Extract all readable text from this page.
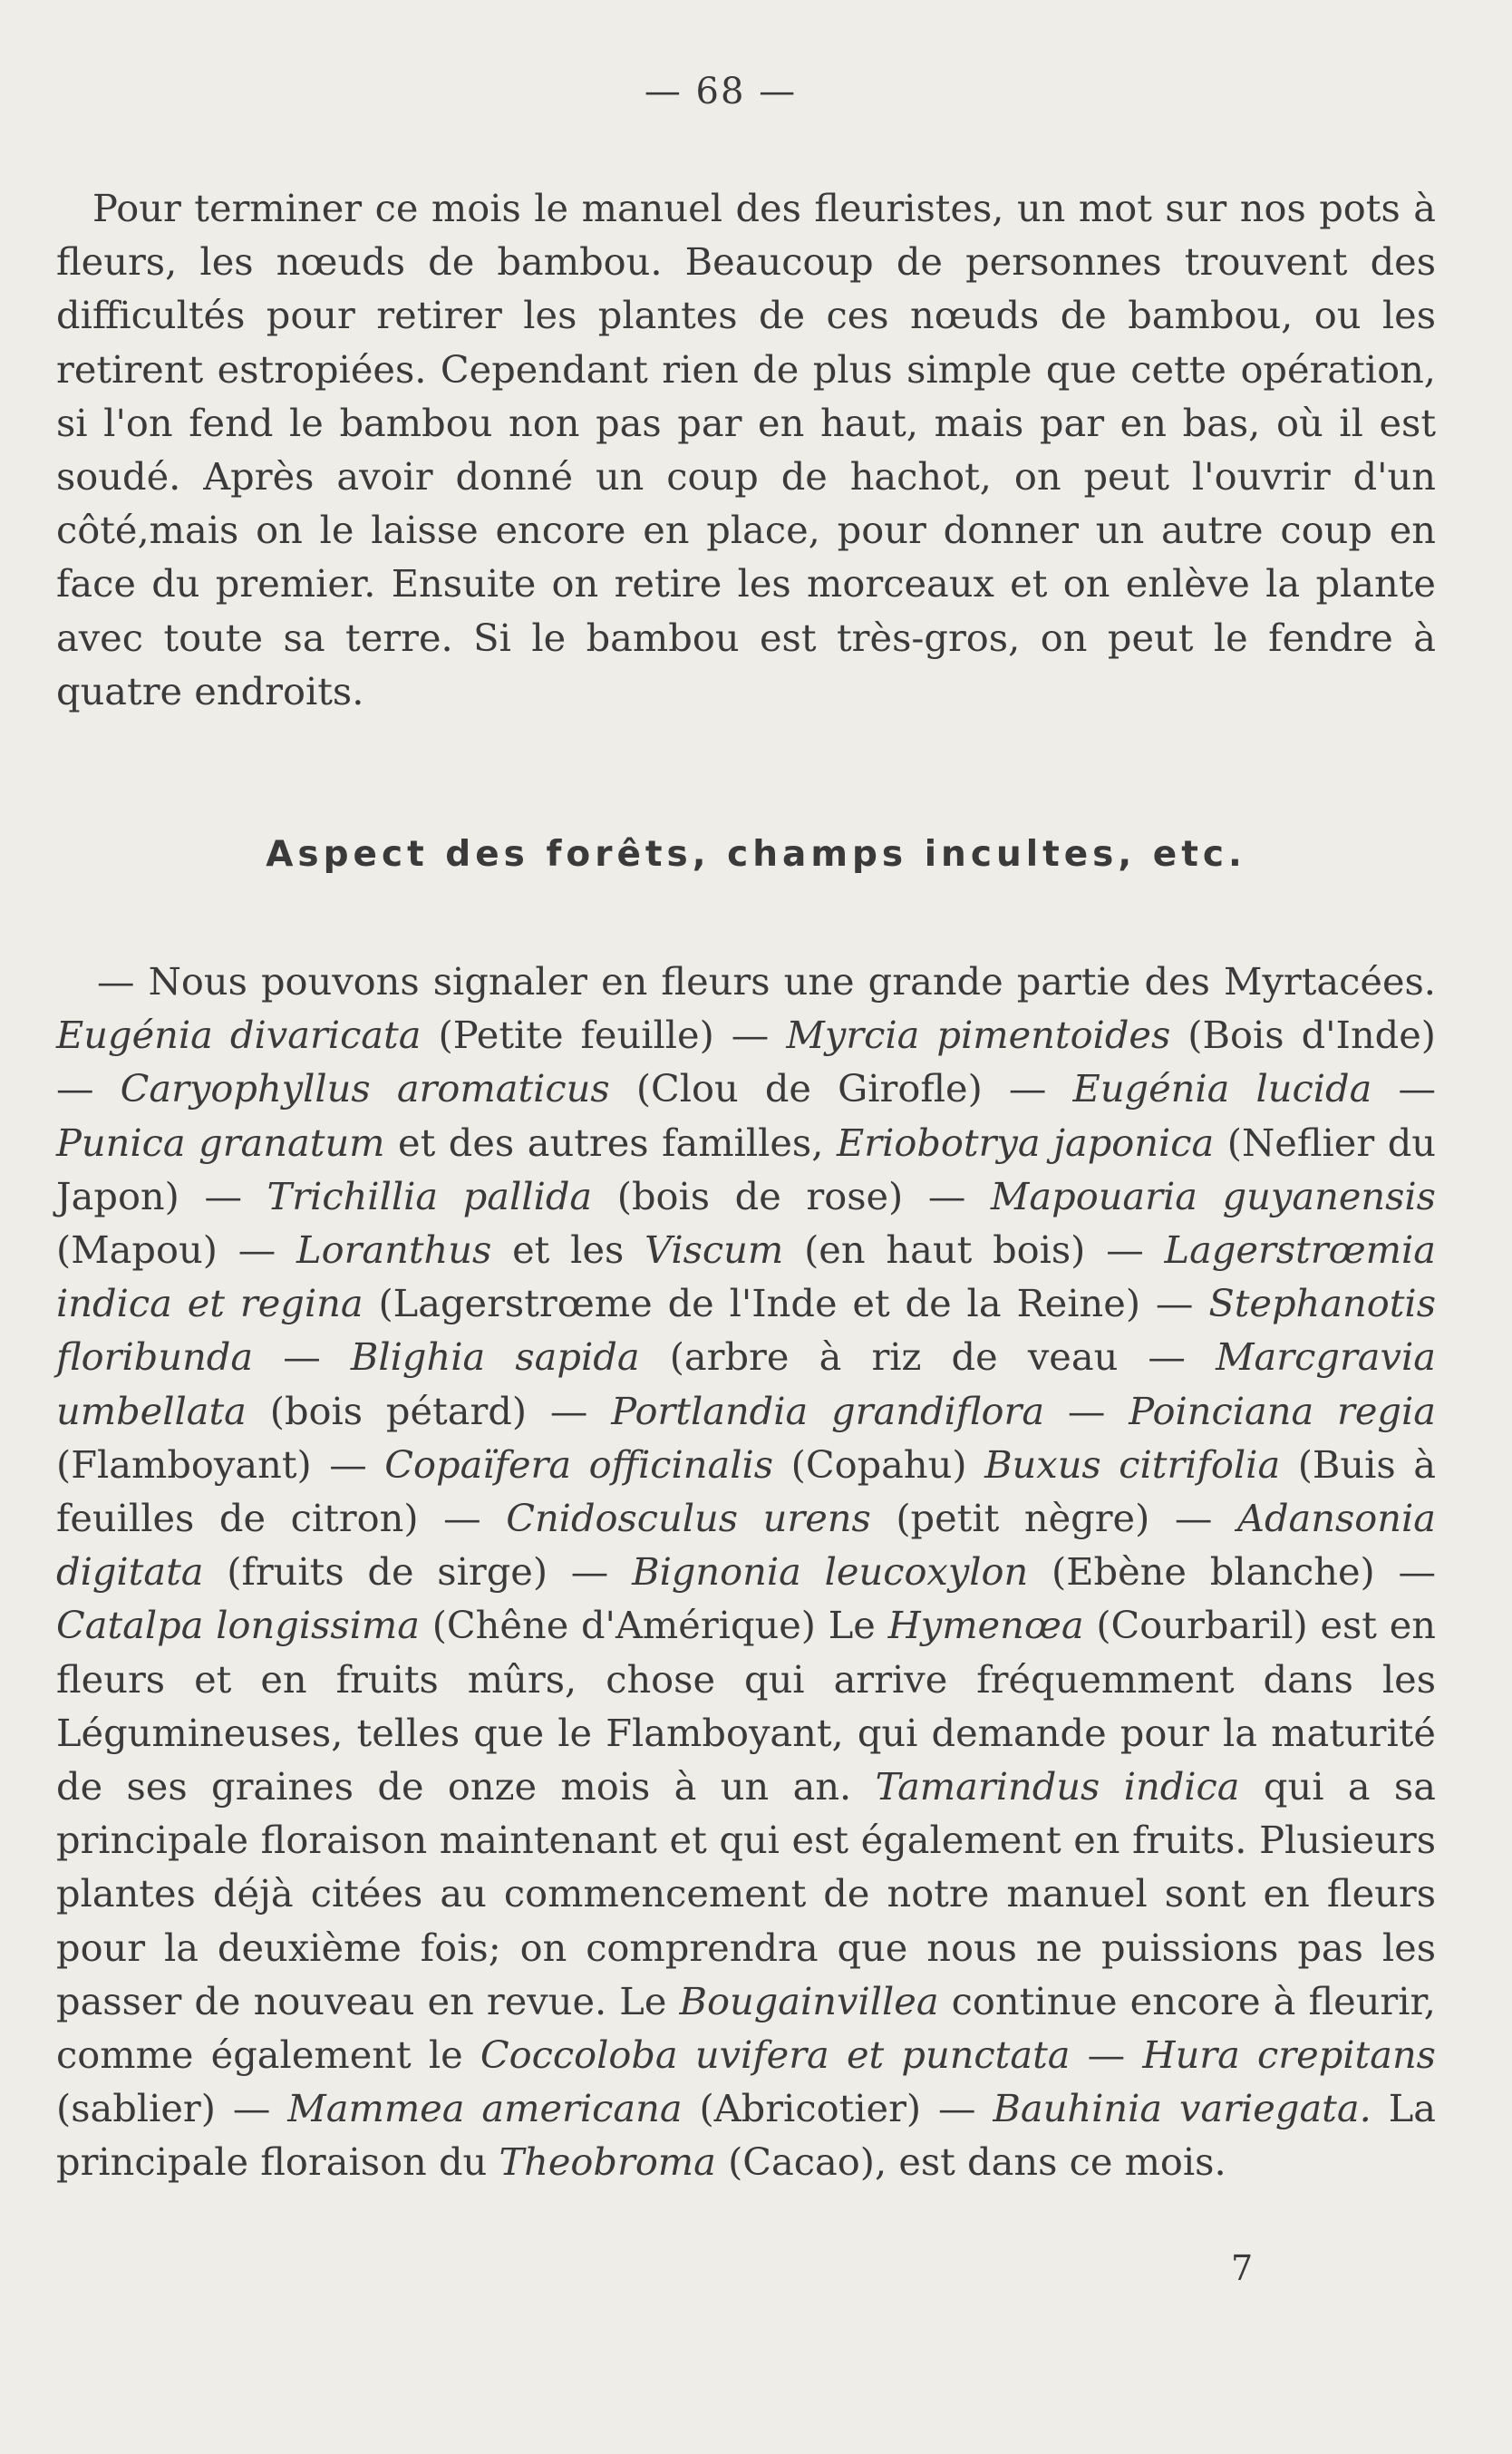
— 68 —

Pour terminer ce mois le manuel des fleuristes, un mot sur nos pots à fleurs, les nœuds de bambou. Beaucoup de personnes trouvent des difficultés pour retirer les plantes de ces nœuds de bambou, ou les retirent estropiées. Cependant rien de plus simple que cette opération, si l'on fend le bambou non pas par en haut, mais par en bas, où il est soudé. Après avoir donné un coup de hachot, on peut l'ouvrir d'un côté,mais on le laisse encore en place, pour donner un autre coup en face du premier. Ensuite on retire les morceaux et on enlève la plante avec toute sa terre. Si le bambou est très-gros, on peut le fendre à quatre endroits.

Aspect des forêts, champs incultes, etc.

— Nous pouvons signaler en fleurs une grande partie des Myrtacées. Eugénia divaricata (Petite feuille) — Myrcia pimentoides (Bois d'Inde) — Caryophyllus aromaticus (Clou de Girofle) — Eugénia lucida — Punica granatum et des autres familles, Eriobotrya japonica (Neflier du Japon) — Trichillia pallida (bois de rose) — Mapouaria guyanensis (Mapou) — Loranthus et les Viscum (en haut bois) — Lagerstrœmia indica et regina (Lagerstrœme de l'Inde et de la Reine) — Stephanotis floribunda — Blighia sapida (arbre à riz de veau — Marcgravia umbellata (bois pétard) — Portlandia grandiflora — Poinciana regia (Flamboyant) — Copaïfera officinalis (Copahu) Buxus citrifolia (Buis à feuilles de citron) — Cnidosculus urens (petit nègre) — Adansonia digitata (fruits de sirge) — Bignonia leucoxylon (Ebène blanche) — Catalpa longissima (Chêne d'Amérique) Le Hymenœa (Courbaril) est en fleurs et en fruits mûrs, chose qui arrive fréquemment dans les Légumineuses, telles que le Flamboyant, qui demande pour la maturité de ses graines de onze mois à un an. Tamarindus indica qui a sa principale floraison maintenant et qui est également en fruits. Plusieurs plantes déjà citées au commencement de notre manuel sont en fleurs pour la deuxième fois; on comprendra que nous ne puissions pas les passer de nouveau en revue. Le Bougainvillea continue encore à fleurir, comme également le Coccoloba uvifera et punctata — Hura crepitans (sablier) — Mammea americana (Abricotier) — Bauhinia variegata. La principale floraison du Theobroma (Cacao), est dans ce mois.

7
